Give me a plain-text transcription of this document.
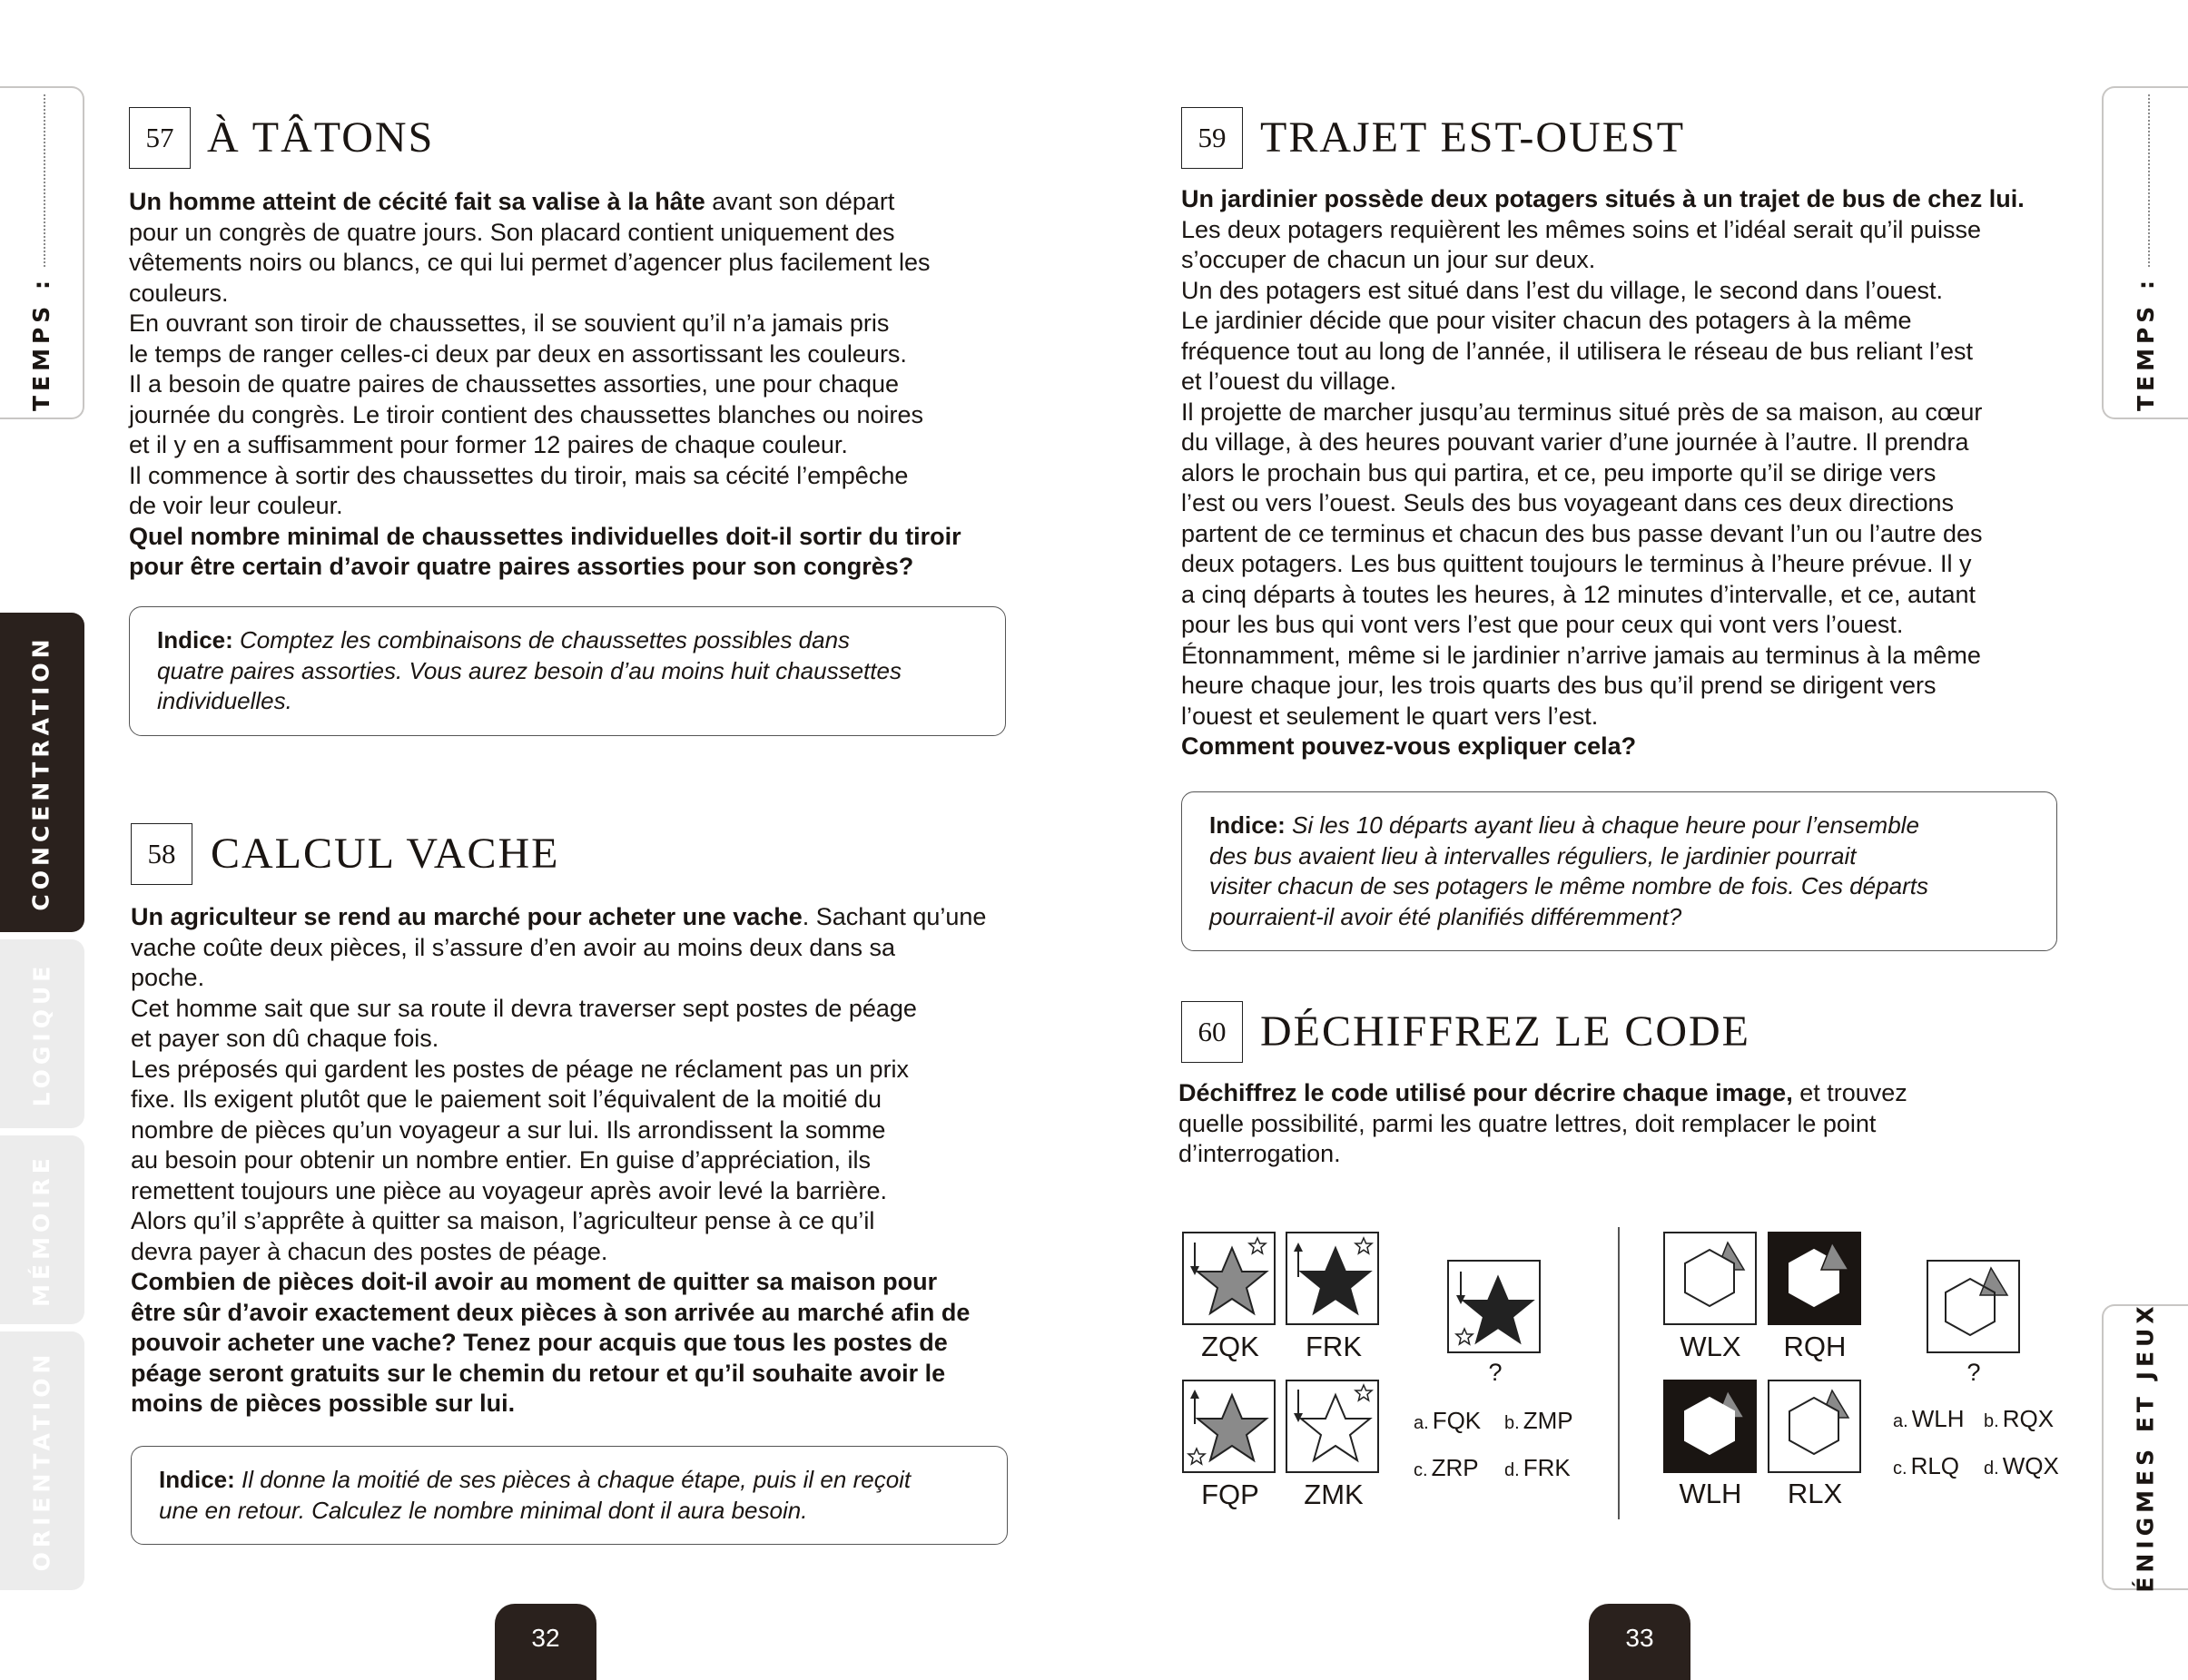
TEMPS :
CONCENTRATION
LOGIQUE
MÉMOIRE
ORIENTATION
TEMPS :
ÉNIGMES ET JEUX
57 À TÂTONS
Un homme atteint de cécité fait sa valise à la hâte avant son départ
pour un congrès de quatre jours. Son placard contient uniquement des
vêtements noirs ou blancs, ce qui lui permet d’agencer plus facilement les
couleurs.
En ouvrant son tiroir de chaussettes, il se souvient qu’il n’a jamais pris
le temps de ranger celles-ci deux par deux en assortissant les couleurs.
Il a besoin de quatre paires de chaussettes assorties, une pour chaque
journée du congrès. Le tiroir contient des chaussettes blanches ou noires
et il y en a suffisamment pour former 12 paires de chaque couleur.
Il commence à sortir des chaussettes du tiroir, mais sa cécité l’empêche
de voir leur couleur.
Quel nombre minimal de chaussettes individuelles doit-il sortir du tiroir
pour être certain d’avoir quatre paires assorties pour son congrès?
Indice: Comptez les combinaisons de chaussettes possibles dans
quatre paires assorties. Vous aurez besoin d’au moins huit chaussettes
individuelles.
58 CALCUL VACHE
Un agriculteur se rend au marché pour acheter une vache. Sachant qu’une
vache coûte deux pièces, il s’assure d’en avoir au moins deux dans sa
poche.
Cet homme sait que sur sa route il devra traverser sept postes de péage
et payer son dû chaque fois.
Les préposés qui gardent les postes de péage ne réclament pas un prix
fixe. Ils exigent plutôt que le paiement soit l’équivalent de la moitié du
nombre de pièces qu’un voyageur a sur lui. Ils arrondissent la somme
au besoin pour obtenir un nombre entier. En guise d’appréciation, ils
remettent toujours une pièce au voyageur après avoir levé la barrière.
Alors qu’il s’apprête à quitter sa maison, l’agriculteur pense à ce qu’il
devra payer à chacun des postes de péage.
Combien de pièces doit-il avoir au moment de quitter sa maison pour
être sûr d’avoir exactement deux pièces à son arrivée au marché afin de
pouvoir acheter une vache? Tenez pour acquis que tous les postes de
péage seront gratuits sur le chemin du retour et qu’il souhaite avoir le
moins de pièces possible sur lui.
Indice: Il donne la moitié de ses pièces à chaque étape, puis il en reçoit
une en retour. Calculez le nombre minimal dont il aura besoin.
59 TRAJET EST-OUEST
Un jardinier possède deux potagers situés à un trajet de bus de chez lui.
Les deux potagers requièrent les mêmes soins et l’idéal serait qu’il puisse
s’occuper de chacun un jour sur deux.
Un des potagers est situé dans l’est du village, le second dans l’ouest.
Le jardinier décide que pour visiter chacun des potagers à la même
fréquence tout au long de l’année, il utilisera le réseau de bus reliant l’est
et l’ouest du village.
Il projette de marcher jusqu’au terminus situé près de sa maison, au cœur
du village, à des heures pouvant varier d’une journée à l’autre. Il prendra
alors le prochain bus qui partira, et ce, peu importe qu’il se dirige vers
l’est ou vers l’ouest. Seuls des bus voyageant dans ces deux directions
partent de ce terminus et chacun des bus passe devant l’un ou l’autre des
deux potagers. Les bus quittent toujours le terminus à l’heure prévue. Il y
a cinq départs à toutes les heures, à 12 minutes d’intervalle, et ce, autant
pour les bus qui vont vers l’est que pour ceux qui vont vers l’ouest.
Étonnamment, même si le jardinier n’arrive jamais au terminus à la même
heure chaque jour, les trois quarts des bus qu’il prend se dirigent vers
l’ouest et seulement le quart vers l’est.
Comment pouvez-vous expliquer cela?
Indice: Si les 10 départs ayant lieu à chaque heure pour l’ensemble
des bus avaient lieu à intervalles réguliers, le jardinier pourrait
visiter chacun de ses potagers le même nombre de fois. Ces départs
pourraient-il avoir été planifiés différemment?
60 DÉCHIFFREZ LE CODE
Déchiffrez le code utilisé pour décrire chaque image, et trouvez
quelle possibilité, parmi les quatre lettres, doit remplacer le point
d’interrogation.
ZQK	FRK
FQP	ZMK
?
a. FQK b. ZMP
c. ZRP d. FRK
WLX	RQH
WLH	RLX
?
a. WLH b. RQX
c. RLQ d. WQX
32	33
